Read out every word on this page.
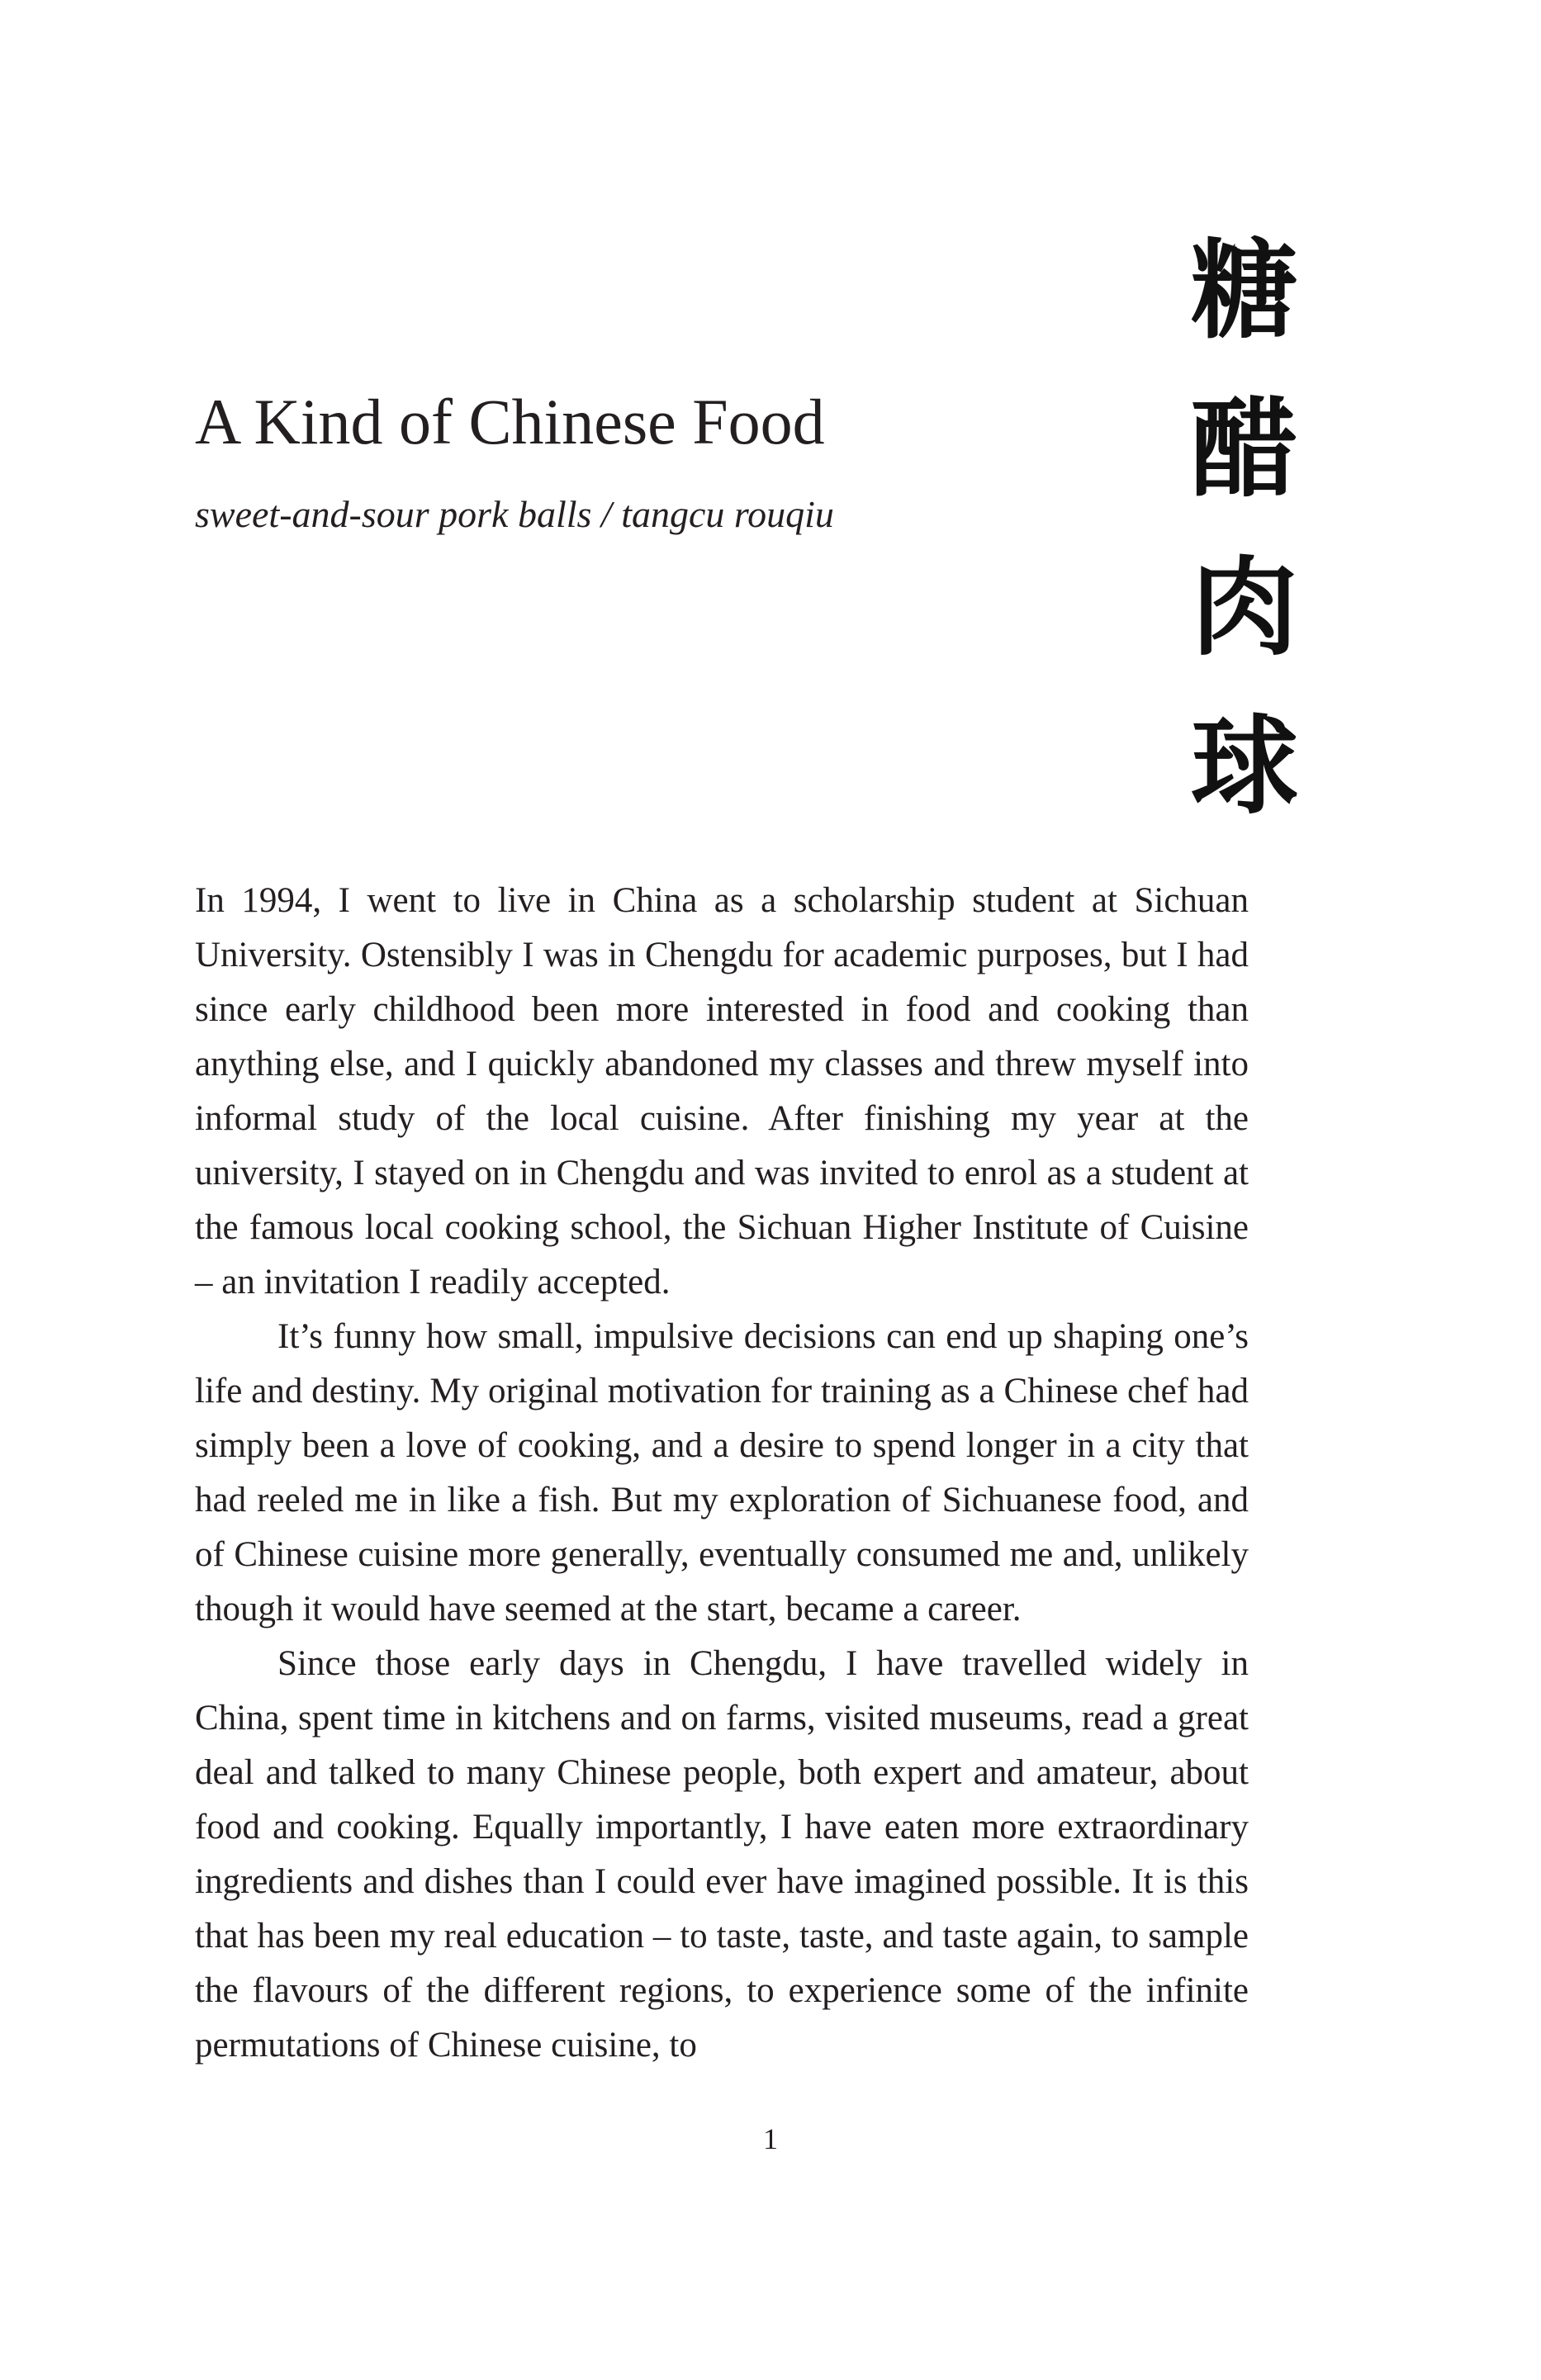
A Kind of Chinese Food

sweet-and-sour pork balls / tangcu rouqiu

糖
醋
肉
球

In 1994, I went to live in China as a scholarship student at Sichuan University. Ostensibly I was in Chengdu for academic purposes, but I had since early childhood been more interested in food and cooking than anything else, and I quickly abandoned my classes and threw myself into informal study of the local cuisine. After finishing my year at the university, I stayed on in Chengdu and was invited to enrol as a student at the famous local cooking school, the Sichuan Higher Institute of Cuisine – an invitation I readily accepted.

It’s funny how small, impulsive decisions can end up shaping one’s life and destiny. My original motivation for training as a Chinese chef had simply been a love of cooking, and a desire to spend longer in a city that had reeled me in like a fish. But my exploration of Sichuanese food, and of Chinese cuisine more generally, eventually consumed me and, unlikely though it would have seemed at the start, became a career.

Since those early days in Chengdu, I have travelled widely in China, spent time in kitchens and on farms, visited museums, read a great deal and talked to many Chinese people, both expert and amateur, about food and cooking. Equally importantly, I have eaten more extraordinary ingredients and dishes than I could ever have imagined possible. It is this that has been my real education – to taste, taste, and taste again, to sample the flavours of the different regions, to experience some of the infinite permutations of Chinese cuisine, to

1
